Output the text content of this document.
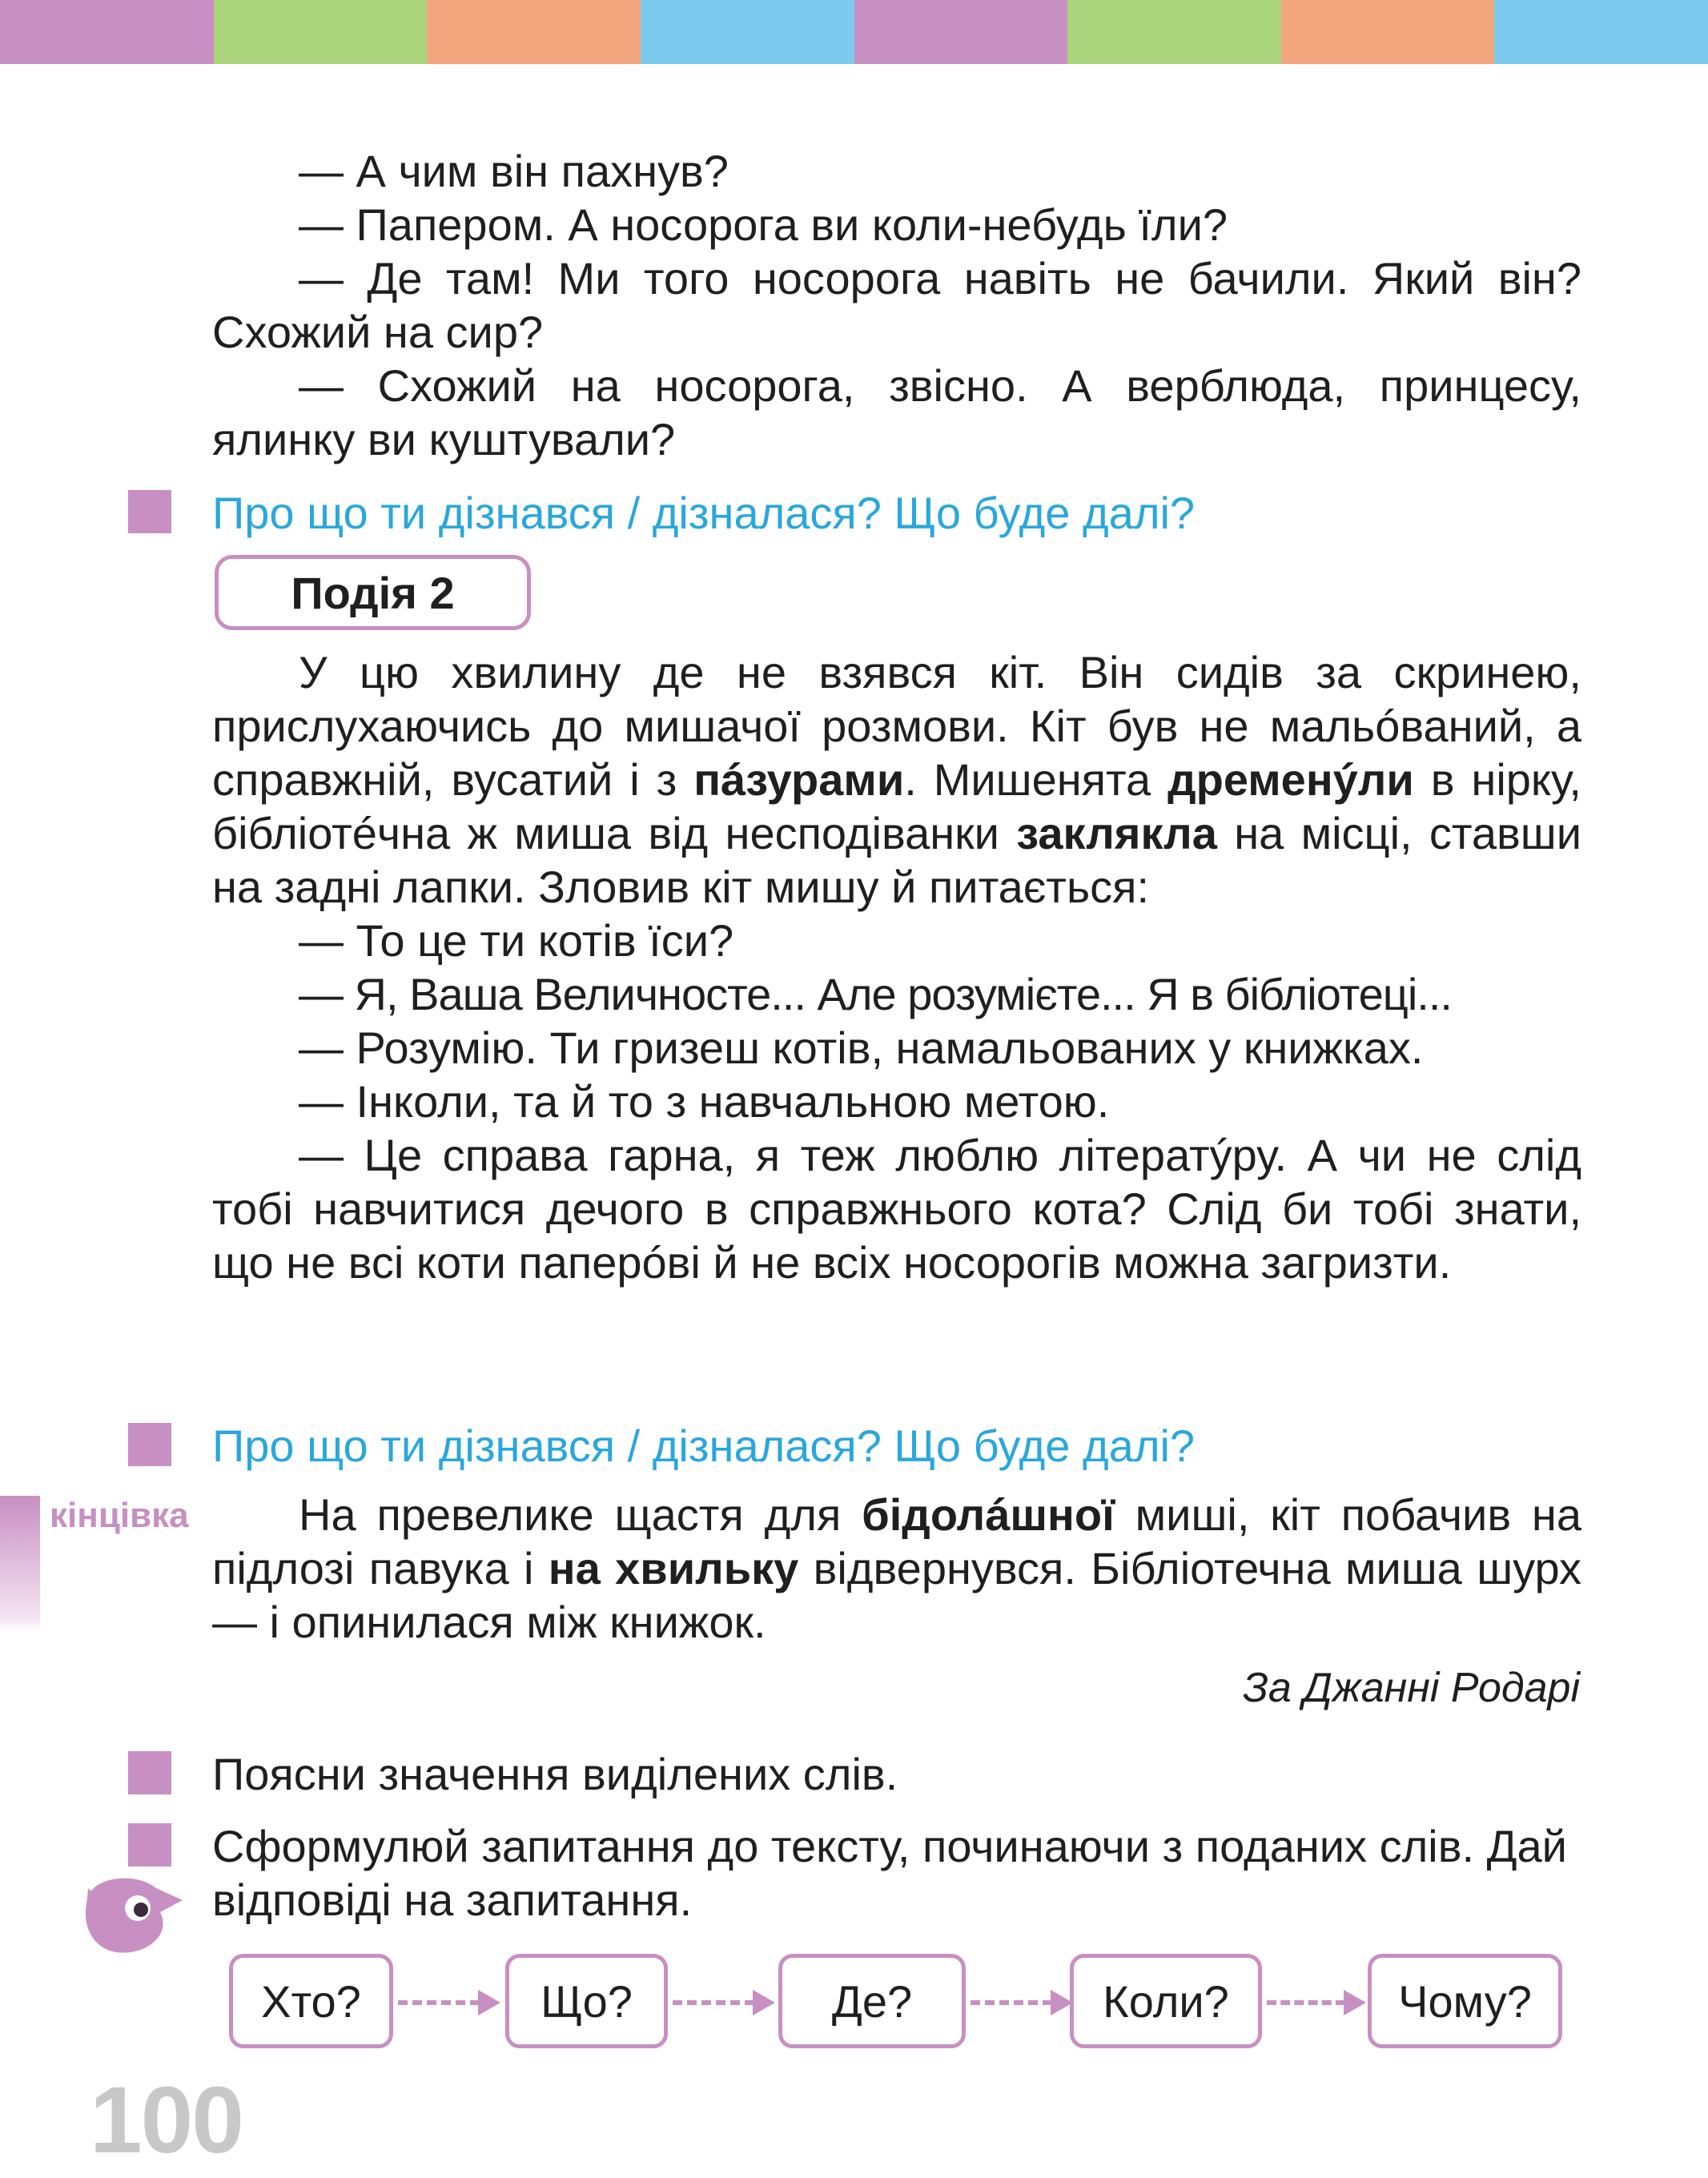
— А чим він пахнув?

— Папером. А носорога ви коли-небудь їли?

— Де там! Ми того носорога навіть не бачили. Який він? Схожий на сир?

— Схожий на носорога, звісно. А верблюда, принцесу, ялинку ви куштували?

Про що ти дізнався / дізналася? Що буде далі?
Подія 2

У цю хвилину де не взявся кіт. Він сидів за скринею, прислухаючись до мишачої розмови. Кіт був не мальóваний, а справжній, вусатий і з пáзурами. Мишенята дременýли в нірку, бібліотéчна ж миша від несподіванки заклякла на місці, ставши на задні лапки. Зловив кіт мишу й питається:

— То це ти котів їси?

— Я, Ваша Величносте... Але розумієте... Я в бібліотеці...

— Розумію. Ти гризеш котів, намальованих у книжках.

— Інколи, та й то з навчальною метою.

— Це справа гарна, я теж люблю літератýру. А чи не слід тобі навчитися дечого в справжнього кота? Слід би тобі знати, що не всі коти паперóві й не всіх носорогів можна загризти.

Про що ти дізнався / дізналася? Що буде далі?
кінцівка	На превелике щастя для бідолáшної миші, кіт побачив на підлозі павука і на хвильку відвернувся. Бібліотечна миша шурх — і опинилася між книжок.

За Джанні Родарі
Поясни значення виділених слів.
Сформулюй запитання до тексту, починаючи з поданих слів. Дай відповіді на запитання.
Хто?	Що?	Де?	Коли?	Чому?
100
